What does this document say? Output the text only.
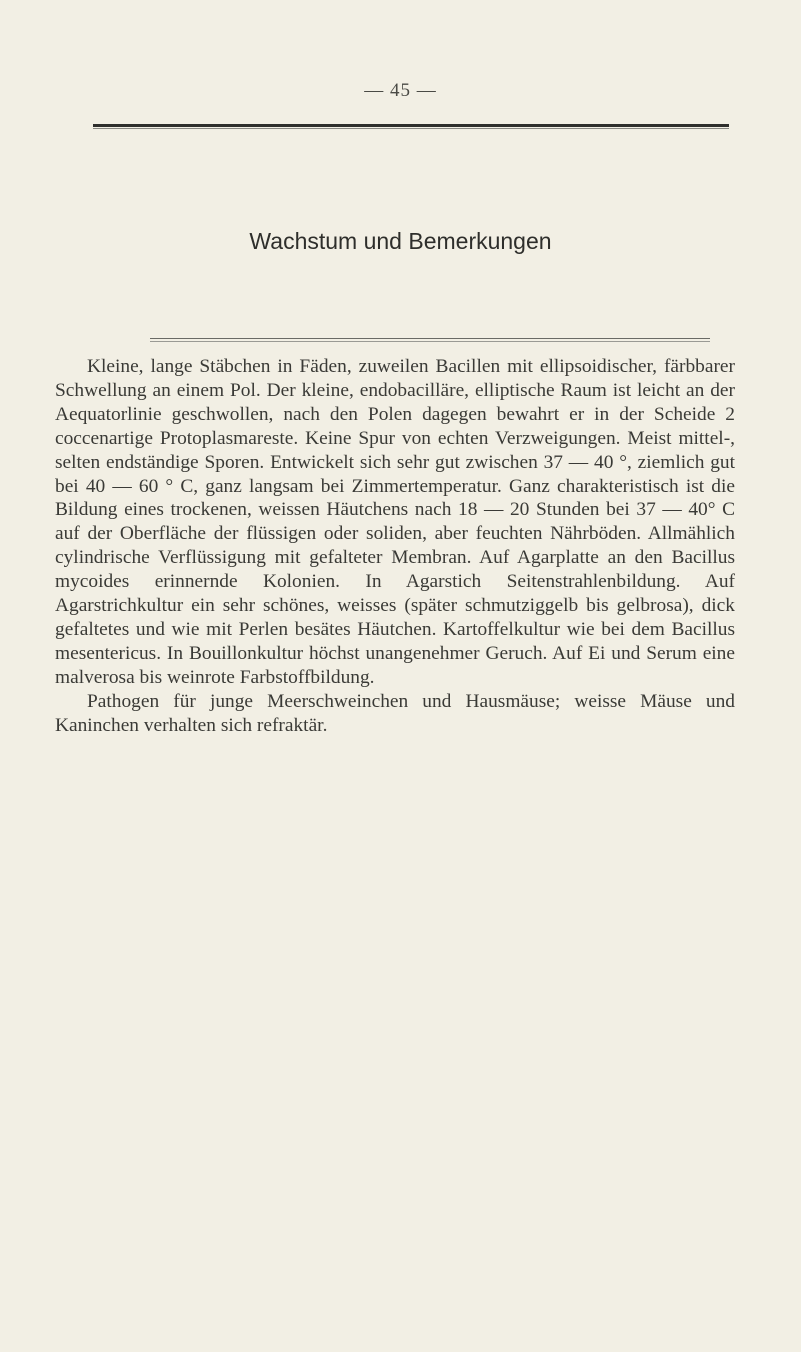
— 45 —
Wachstum und Bemerkungen

Kleine, lange Stäbchen in Fäden, zuweilen Bacillen mit ellipsoidischer, färbbarer Schwellung an einem Pol. Der kleine, endobacilläre, elliptische Raum ist leicht an der Aequatorlinie geschwollen, nach den Polen dagegen bewahrt er in der Scheide 2 coccenartige Protoplasmareste. Keine Spur von echten Verzweigungen. Meist mittel-, selten endständige Sporen. Entwickelt sich sehr gut zwischen 37 — 40 °, ziemlich gut bei 40 — 60 ° C, ganz langsam bei Zimmertemperatur. Ganz charakteristisch ist die Bildung eines trockenen, weissen Häutchens nach 18 — 20 Stunden bei 37 — 40° C auf der Oberfläche der flüssigen oder soliden, aber feuchten Nährböden. Allmählich cylindrische Verflüssigung mit gefalteter Membran. Auf Agarplatte an den Bacillus mycoides erinnernde Kolonien. In Agarstich Seitenstrahlenbildung. Auf Agarstrichkultur ein sehr schönes, weisses (später schmutziggelb bis gelbrosa), dick gefaltetes und wie mit Perlen besätes Häutchen. Kartoffelkultur wie bei dem Bacillus mesentericus. In Bouillonkultur höchst unangenehmer Geruch. Auf Ei und Serum eine malverosa bis weinrote Farbstoffbildung.

Pathogen für junge Meerschweinchen und Hausmäuse; weisse Mäuse und Kaninchen verhalten sich refraktär.
